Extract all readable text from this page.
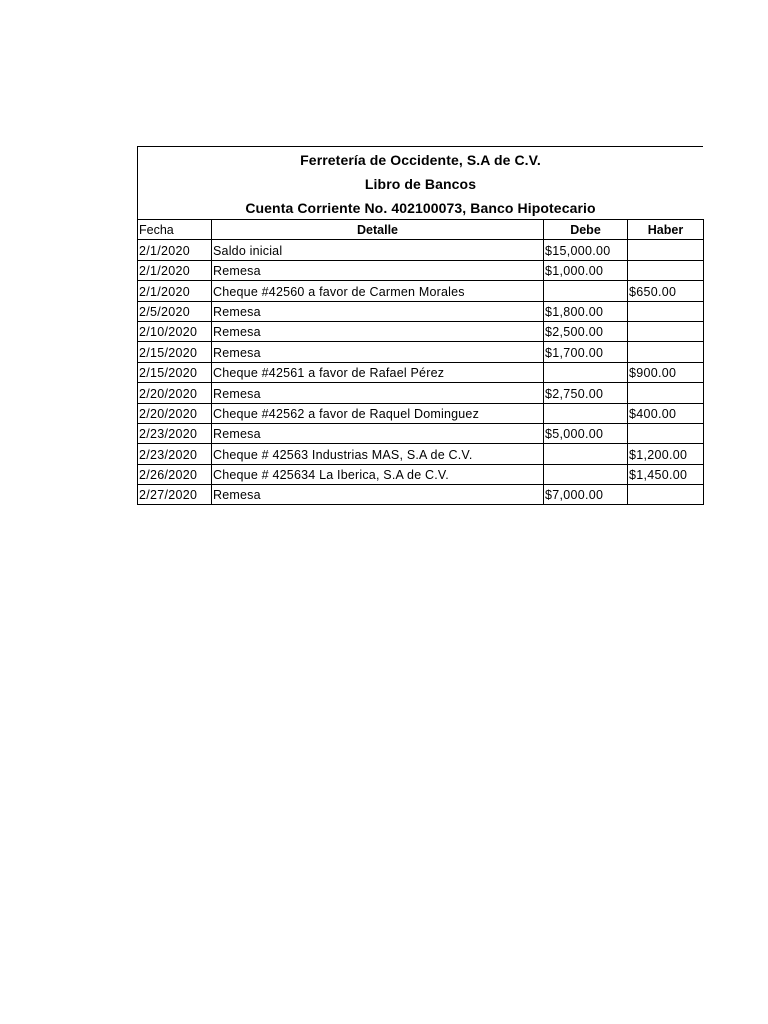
Ferretería de Occidente, S.A de C.V.
Libro de Bancos
Cuenta Corriente No. 402100073, Banco Hipotecario
Fecha	Detalle	Debe	Haber
2/1/2020	Saldo inicial	$15,000.00	
2/1/2020	Remesa	$1,000.00	
2/1/2020	Cheque #42560 a favor de Carmen Morales		$650.00
2/5/2020	Remesa	$1,800.00	
2/10/2020	Remesa	$2,500.00	
2/15/2020	Remesa	$1,700.00	
2/15/2020	Cheque #42561 a favor de Rafael Pérez		$900.00
2/20/2020	Remesa	$2,750.00	
2/20/2020	Cheque #42562 a favor de Raquel Dominguez		$400.00
2/23/2020	Remesa	$5,000.00	
2/23/2020	Cheque # 42563 Industrias MAS, S.A de C.V.		$1,200.00
2/26/2020	Cheque # 425634 La Iberica, S.A de C.V.		$1,450.00
2/27/2020	Remesa	$7,000.00	
